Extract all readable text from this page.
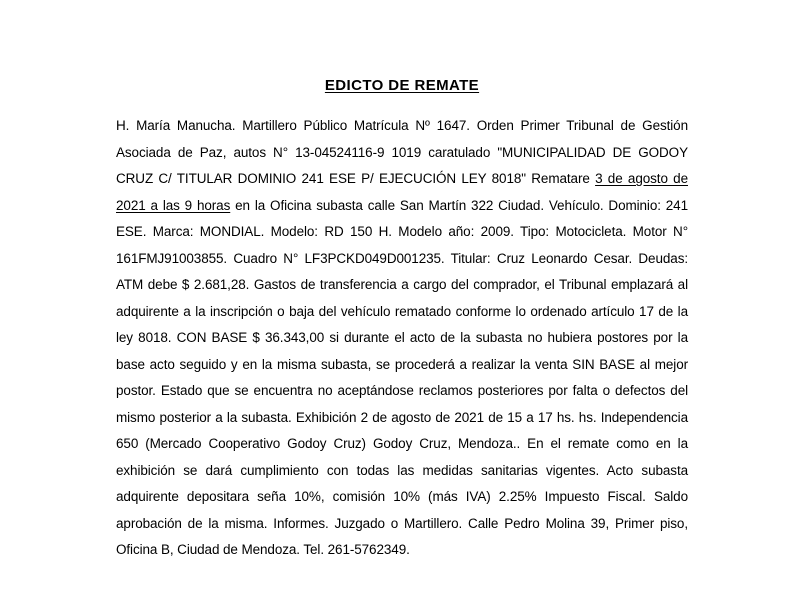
EDICTO DE REMATE

H. María Manucha. Martillero Público Matrícula Nº 1647. Orden Primer Tribunal de Gestión Asociada de Paz, autos N° 13-04524116-9 1019 caratulado "MUNICIPALIDAD DE GODOY CRUZ C/ TITULAR DOMINIO 241 ESE P/ EJECUCIÓN LEY 8018" Rematare 3 de agosto de 2021 a las 9 horas en la Oficina subasta calle San Martín 322 Ciudad. Vehículo. Dominio: 241 ESE. Marca: MONDIAL. Modelo: RD 150 H. Modelo año: 2009. Tipo: Motocicleta. Motor N° 161FMJ91003855. Cuadro N° LF3PCKD049D001235. Titular: Cruz Leonardo Cesar. Deudas: ATM debe $ 2.681,28. Gastos de transferencia a cargo del comprador, el Tribunal emplazará al adquirente a la inscripción o baja del vehículo rematado conforme lo ordenado artículo 17 de la ley 8018. CON BASE $ 36.343,00 si durante el acto de la subasta no hubiera postores por la base acto seguido y en la misma subasta, se procederá a realizar la venta SIN BASE al mejor postor. Estado que se encuentra no aceptándose reclamos posteriores por falta o defectos del mismo posterior a la subasta. Exhibición 2 de agosto de 2021 de 15 a 17 hs. hs. Independencia 650 (Mercado Cooperativo Godoy Cruz) Godoy Cruz, Mendoza.. En el remate como en la exhibición se dará cumplimiento con todas las medidas sanitarias vigentes. Acto subasta adquirente depositara seña 10%, comisión 10% (más IVA) 2.25% Impuesto Fiscal. Saldo aprobación de la misma. Informes. Juzgado o Martillero. Calle Pedro Molina 39, Primer piso, Oficina B, Ciudad de Mendoza. Tel. 261-5762349.
